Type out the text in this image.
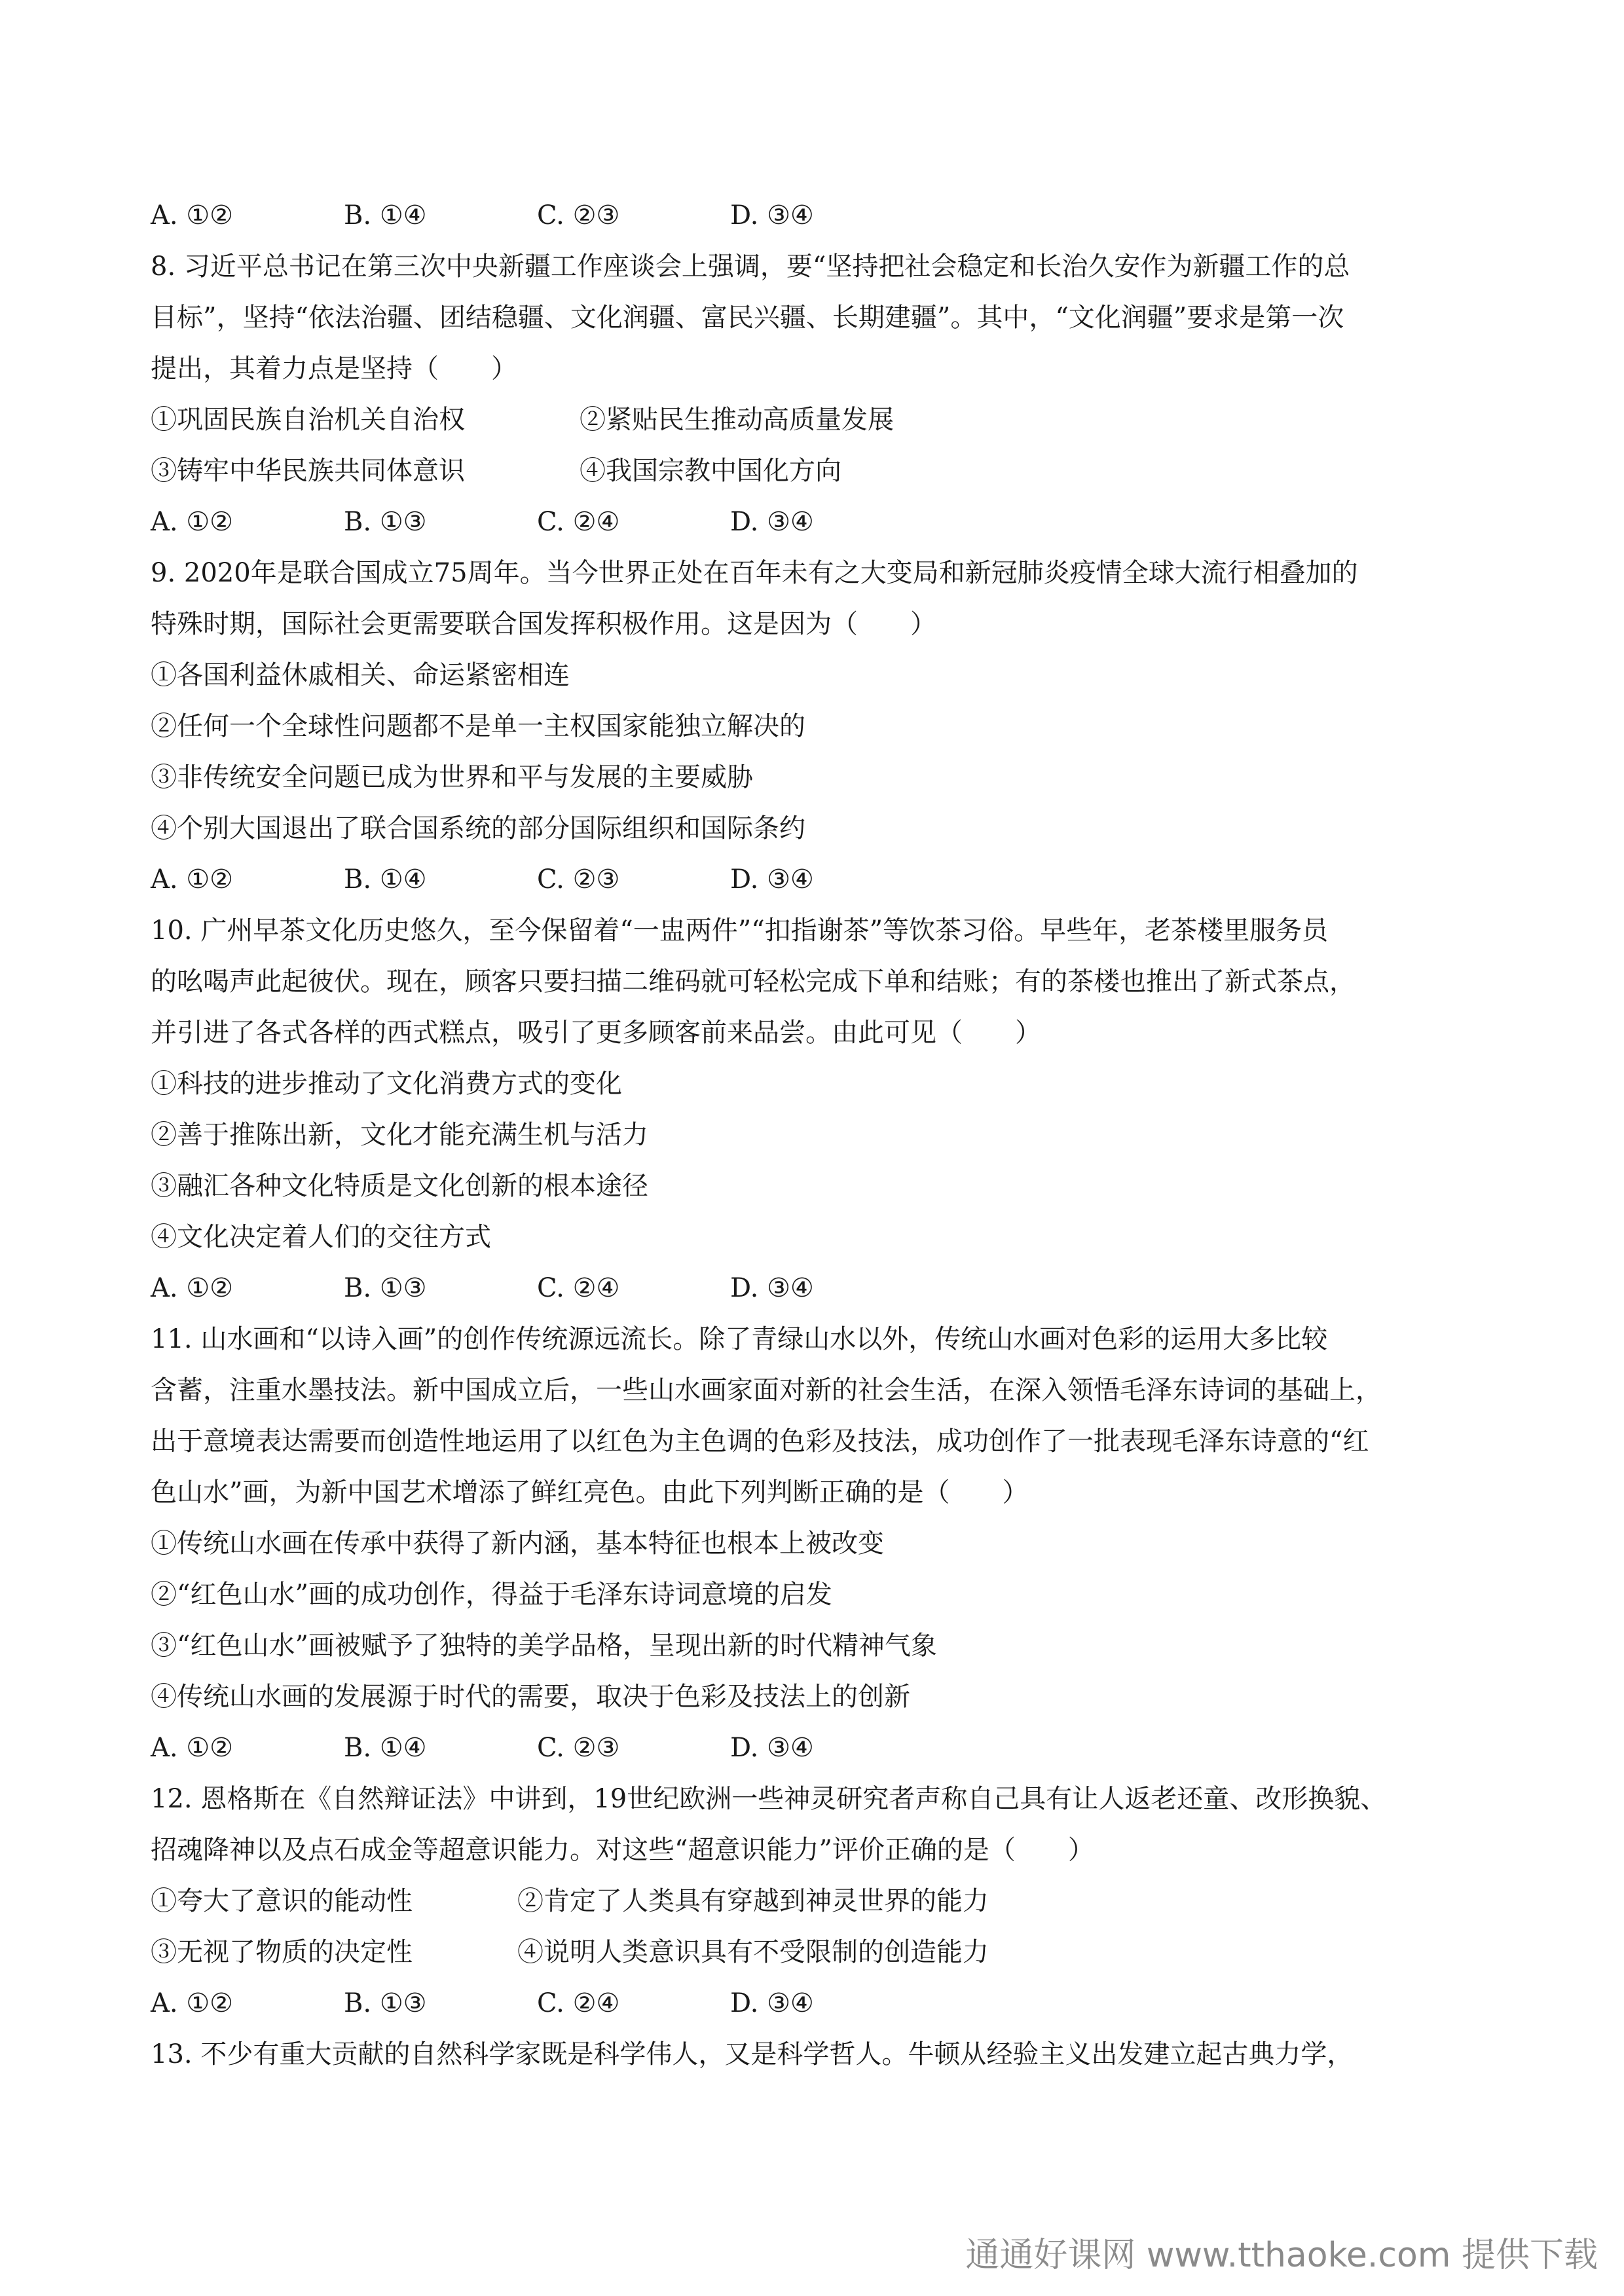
A. ①②	B. ①④	C. ②③	D. ③④
8. 习近平总书记在第三次中央新疆工作座谈会上强调，要“坚持把社会稳定和长治久安作为新疆工作的总
目标”，坚持“依法治疆、团结稳疆、文化润疆、富民兴疆、长期建疆”。其中，“文化润疆”要求是第一次
提出，其着力点是坚持（　　）
①巩固民族自治机关自治权	②紧贴民生推动高质量发展
③铸牢中华民族共同体意识	④我国宗教中国化方向
A. ①②	B. ①③	C. ②④	D. ③④
9. 2020年是联合国成立75周年。当今世界正处在百年未有之大变局和新冠肺炎疫情全球大流行相叠加的
特殊时期，国际社会更需要联合国发挥积极作用。这是因为（　　）
①各国利益休戚相关、命运紧密相连
②任何一个全球性问题都不是单一主权国家能独立解决的
③非传统安全问题已成为世界和平与发展的主要威胁
④个别大国退出了联合国系统的部分国际组织和国际条约
A. ①②	B. ①④	C. ②③	D. ③④
10. 广州早茶文化历史悠久，至今保留着“一盅两件”“扣指谢茶”等饮茶习俗。早些年，老茶楼里服务员
的吆喝声此起彼伏。现在，顾客只要扫描二维码就可轻松完成下单和结账；有的茶楼也推出了新式茶点，
并引进了各式各样的西式糕点，吸引了更多顾客前来品尝。由此可见（　　）
①科技的进步推动了文化消费方式的变化
②善于推陈出新，文化才能充满生机与活力
③融汇各种文化特质是文化创新的根本途径
④文化决定着人们的交往方式
A. ①②	B. ①③	C. ②④	D. ③④
11. 山水画和“以诗入画”的创作传统源远流长。除了青绿山水以外，传统山水画对色彩的运用大多比较
含蓄，注重水墨技法。新中国成立后，一些山水画家面对新的社会生活，在深入领悟毛泽东诗词的基础上，
出于意境表达需要而创造性地运用了以红色为主色调的色彩及技法，成功创作了一批表现毛泽东诗意的“红
色山水”画，为新中国艺术增添了鲜红亮色。由此下列判断正确的是（　　）
①传统山水画在传承中获得了新内涵，基本特征也根本上被改变
②“红色山水”画的成功创作，得益于毛泽东诗词意境的启发
③“红色山水”画被赋予了独特的美学品格，呈现出新的时代精神气象
④传统山水画的发展源于时代的需要，取决于色彩及技法上的创新
A. ①②	B. ①④	C. ②③	D. ③④
12. 恩格斯在《自然辩证法》中讲到，19世纪欧洲一些神灵研究者声称自己具有让人返老还童、改形换貌、
招魂降神以及点石成金等超意识能力。对这些“超意识能力”评价正确的是（　　）
①夸大了意识的能动性	②肯定了人类具有穿越到神灵世界的能力
③无视了物质的决定性	④说明人类意识具有不受限制的创造能力
A. ①②	B. ①③	C. ②④	D. ③④
13. 不少有重大贡献的自然科学家既是科学伟人，又是科学哲人。牛顿从经验主义出发建立起古典力学，
通通好课网 www.tthaoke.com 提供下载
